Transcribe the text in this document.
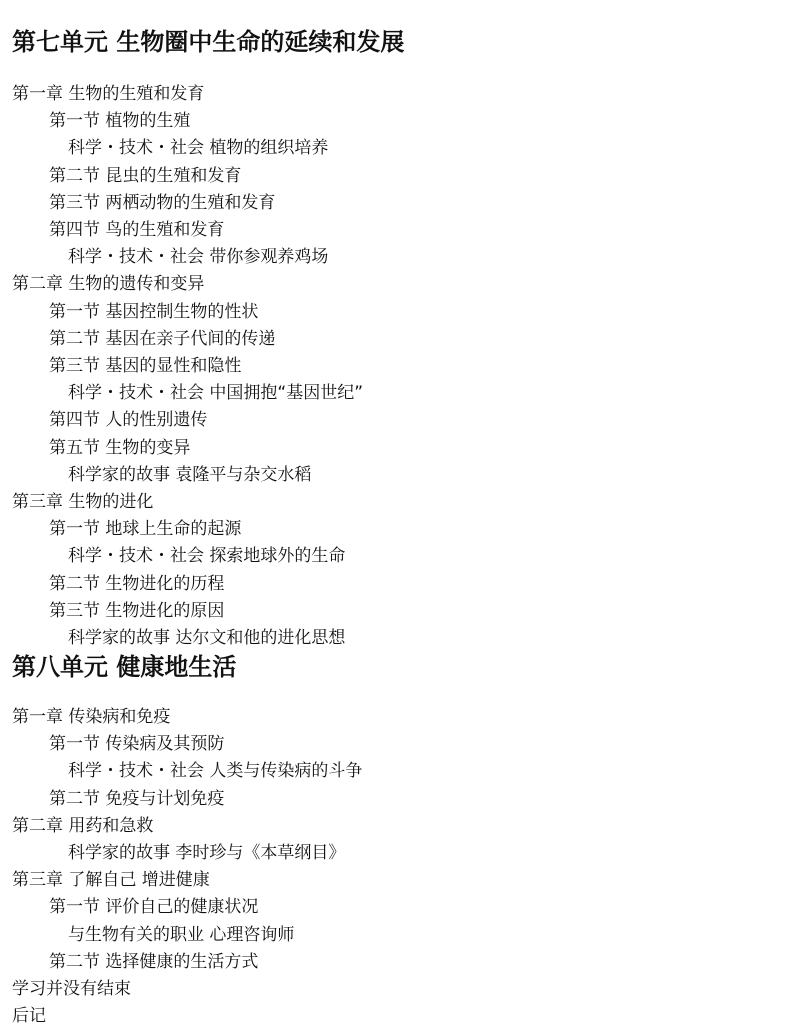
第七单元 生物圈中生命的延续和发展
第一章 生物的生殖和发育
第一节 植物的生殖
科学・技术・社会 植物的组织培养
第二节 昆虫的生殖和发育
第三节 两栖动物的生殖和发育
第四节 鸟的生殖和发育
科学・技术・社会 带你参观养鸡场
第二章 生物的遗传和变异
第一节 基因控制生物的性状
第二节 基因在亲子代间的传递
第三节 基因的显性和隐性
科学・技术・社会 中国拥抱“基因世纪”
第四节 人的性别遗传
第五节 生物的变异
科学家的故事 袁隆平与杂交水稻
第三章 生物的进化
第一节 地球上生命的起源
科学・技术・社会 探索地球外的生命
第二节 生物进化的历程
第三节 生物进化的原因
科学家的故事 达尔文和他的进化思想
第八单元 健康地生活
第一章 传染病和免疫
第一节 传染病及其预防
科学・技术・社会 人类与传染病的斗争
第二节 免疫与计划免疫
第二章 用药和急救
科学家的故事 李时珍与《本草纲目》
第三章 了解自己 增进健康
第一节 评价自己的健康状况
与生物有关的职业 心理咨询师
第二节 选择健康的生活方式
学习并没有结束
后记
